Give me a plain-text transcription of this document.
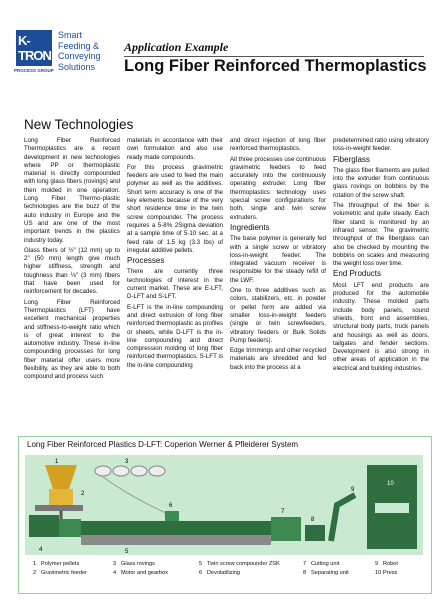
K-TRON
PROCESS GROUP
Smart
Feeding &
Conveying
Solutions
Application Example
Long Fiber Reinforced Thermoplastics
New Technologies

Long Fiber Reinforced Thermoplastics are a recent development in new technologies where PP or thermoplastic material is directly compounded with long glass fibers (rovings) and then molded in one operation. Long Fiber Thermo-plastic technologies are the buzz of the auto industry in Europe and the US and are one of the most important trends in the plastics industry today.

Glass fibers of ½" (12 mm) up to 2" (50 mm) length give much higher stiffness, strength and toughness than ⅛" (3 mm) fibers that have been used for reinforcement for decades.

Long Fiber Reinforced Thermoplastics (LFT) have excellent mechanical properties and stiffness-to-weight ratio which is of great interest to the automotive industry. These in-line compounding processes for long fiber material offer users more flexibility, as they are able to both compound and process such

materials in accordance with their own formulation and also use ready made compounds.

For this process gravimetric feeders are used to feed the main polymer as well as the additives. Short term accuracy is one of the key elements because of the very short residence time in the twin screw compounder. The process requires a 5-8% 2Sigma deviation at a sample time of 5-10 sec. at a feed rate of 1.5 kg (3.3 lbs) of irregular additive pellets.

Processes

There are currently three technologies of interest in the current market. These are E-LFT, D-LFT and S-LFT.

E-LFT is the in-line compounding and direct extrusion of long fiber reinforced thermoplastic as profiles or sheets, while D-LFT is the in-line compounding and direct compression molding of long fiber reinforced thermoplastics. S-LFT is the in-line compounding

and direct injection of long fiber reinforced thermoplastics.

All three processes use continuous gravimetric feeders to feed accurately into the continuously operating extruder. Long fiber thermoplastics technology uses special screw configurations for both, single and twin screw extruders.

Ingredients

The base polymer is generally fed with a single screw or vibratory loss-in-weight feeder. The integrated vacuum receiver is responsible for the steady refill of the LWF.

One to three additives such as colors, stabilizers, etc. in powder or pellet form are added via smaller loss-in-weight feeders (single or twin screwfeeders, vibratory feeders or Bulk Solids Pump feeders).

Edge trimmings and other recycled materials are shredded and fed back into the process at a

predetermined ratio using vibratory loss-in-weight feeder.

Fiberglass

The glass fiber filaments are pulled into the extruder from continuous glass rovings on bobbins by the rotation of the screw shaft.

The throughput of the fiber is volumetric and quite steady. Each fiber stand is monitored by an infrared sensor. The gravimetric throughput of the fiberglass can also be checked by mounting the bobbins on scales and measuring the weight loss over time.

End Products

Most LFT end products are produced for the automobile industry. These molded parts include body panels, sound shields, front end assemblies, structural body parts, truck panels and housings as well as doors, tailgates and fender sections. Development is also strong in other areas of application in the electrical and building industries.

Long Fiber Reinforced Plastics D-LFT: Coperion Werner & Pfleiderer System
1
2
3
4	5
6
7
8
9
10
1 Polymer pellets
2 Gravimetric feeder
3 Glass rovings
4 Motor and gearbox
5 Twin screw compounder ZSK
6 Devolatilizing
7 Cutting unit
8 Separating unit
9 Robot
10 Press
